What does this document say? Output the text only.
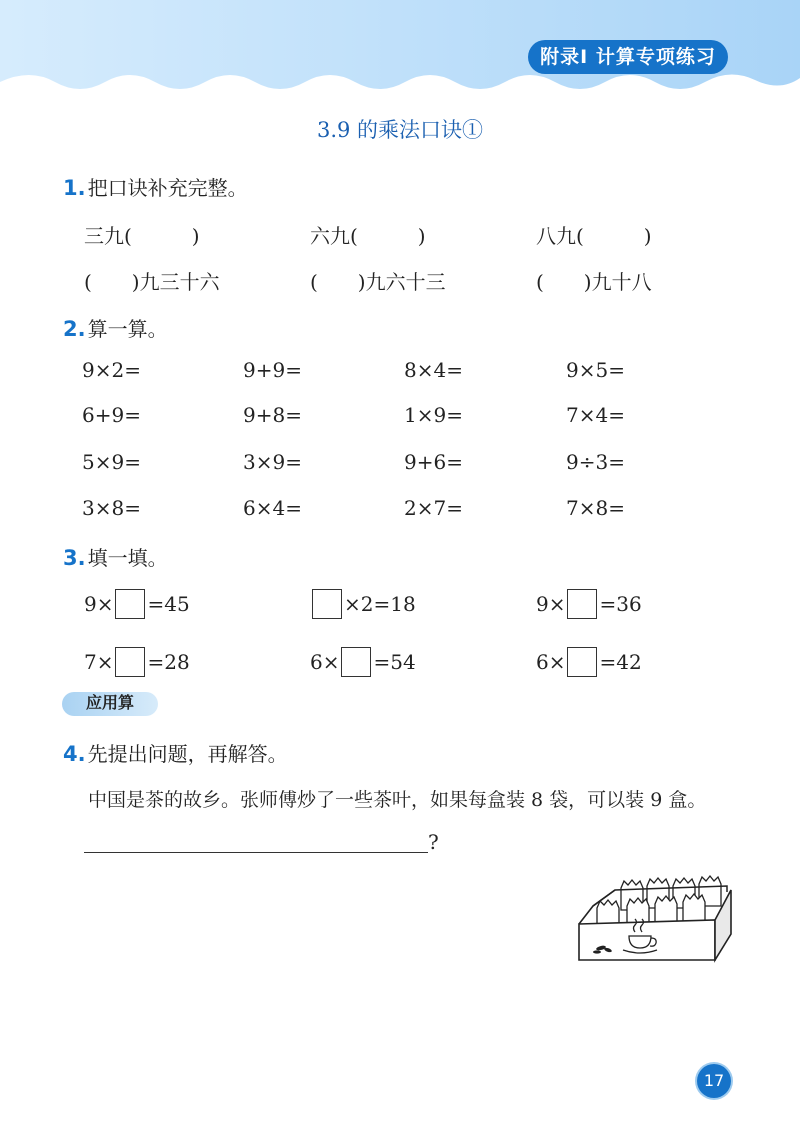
附录Ⅰ 计算专项练习
3.9 的乘法口诀①
1. 把口诀补充完整。
三九(　　　)	六九(　　　)	八九(　　　)
(　　)九三十六	(　　)九六十三	(　　)九十八
2. 算一算。
9×2=	9+9=	8×4=	9×5=
6+9=	9+8=	1×9=	7×4=
5×9=	3×9=	9+6=	9÷3=
3×8=	6×4=	2×7=	7×8=
3. 填一填。
9× =45	×2=18	9× =36
7× =28	6× =54	6× =42
应用算
4. 先提出问题，再解答。
中国是茶的故乡。张师傅炒了一些茶叶，如果每盒装 8 袋，可以装 9 盒。
?
17
